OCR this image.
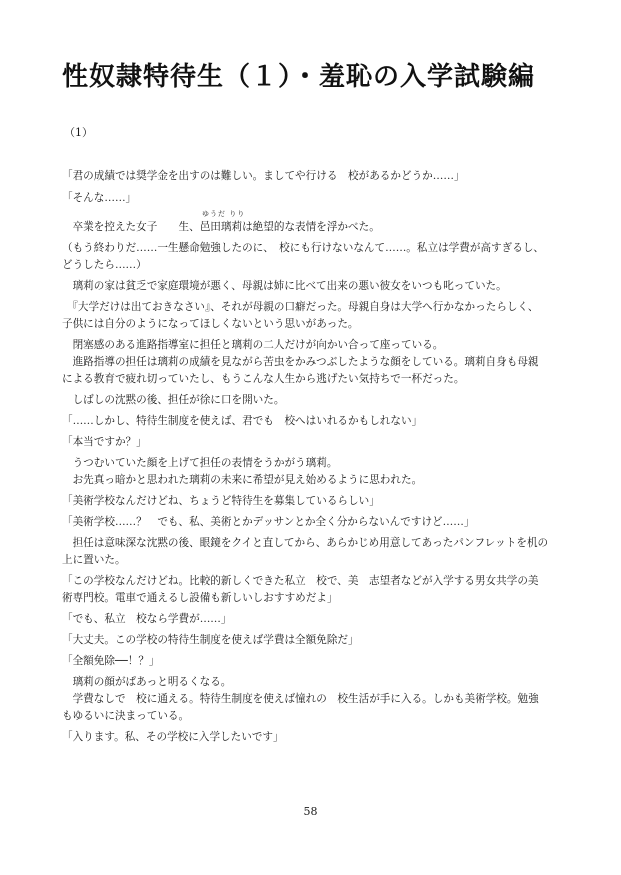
性奴隷特待生（１）・羞恥の入学試験編
（1）

「君の成績では奨学金を出すのは難しい。ましてや行ける　校があるかどうか……」

「そんな……」

ゆうだ りり

　卒業を控えた女子　　生、邑田璃莉は絶望的な表情を浮かべた。

（もう終わりだ……一生懸命勉強したのに、　校にも行けないなんて……。私立は学費が高すぎるし、

どうしたら……）

　璃莉の家は貧乏で家庭環境が悪く、母親は姉に比べて出来の悪い彼女をいつも叱っていた。

　『大学だけは出ておきなさい』、それが母親の口癖だった。母親自身は大学へ行かなかったらしく、

子供には自分のようになってほしくないという思いがあった。

　閉塞感のある進路指導室に担任と璃莉の二人だけが向かい合って座っている。

　進路指導の担任は璃莉の成績を見ながら苦虫をかみつぶしたような顔をしている。璃莉自身も母親

による教育で疲れ切っていたし、もうこんな人生から逃げたい気持ちで一杯だった。

　しばしの沈黙の後、担任が徐に口を開いた。

「……しかし、特待生制度を使えば、君でも　校へはいれるかもしれない」

「本当ですか？」

　うつむいていた顔を上げて担任の表情をうかがう璃莉。

　お先真っ暗かと思われた璃莉の未来に希望が見え始めるように思われた。

「美術学校なんだけどね、ちょうど特待生を募集しているらしい」

「美術学校……？　でも、私、美術とかデッサンとか全く分からないんですけど……」

　担任は意味深な沈黙の後、眼鏡をクイと直してから、あらかじめ用意してあったパンフレットを机の

上に置いた。

「この学校なんだけどね。比較的新しくできた私立　校で、美　志望者などが入学する男女共学の美

術専門校。電車で通えるし設備も新しいしおすすめだよ」

「でも、私立　校なら学費が……」

「大丈夫。この学校の特待生制度を使えば学費は全額免除だ」

「全額免除──！？」

　璃莉の顔がぱあっと明るくなる。

　学費なしで　校に通える。特待生制度を使えば憧れの　校生活が手に入る。しかも美術学校。勉強

もゆるいに決まっている。

「入ります。私、その学校に入学したいです」

58
